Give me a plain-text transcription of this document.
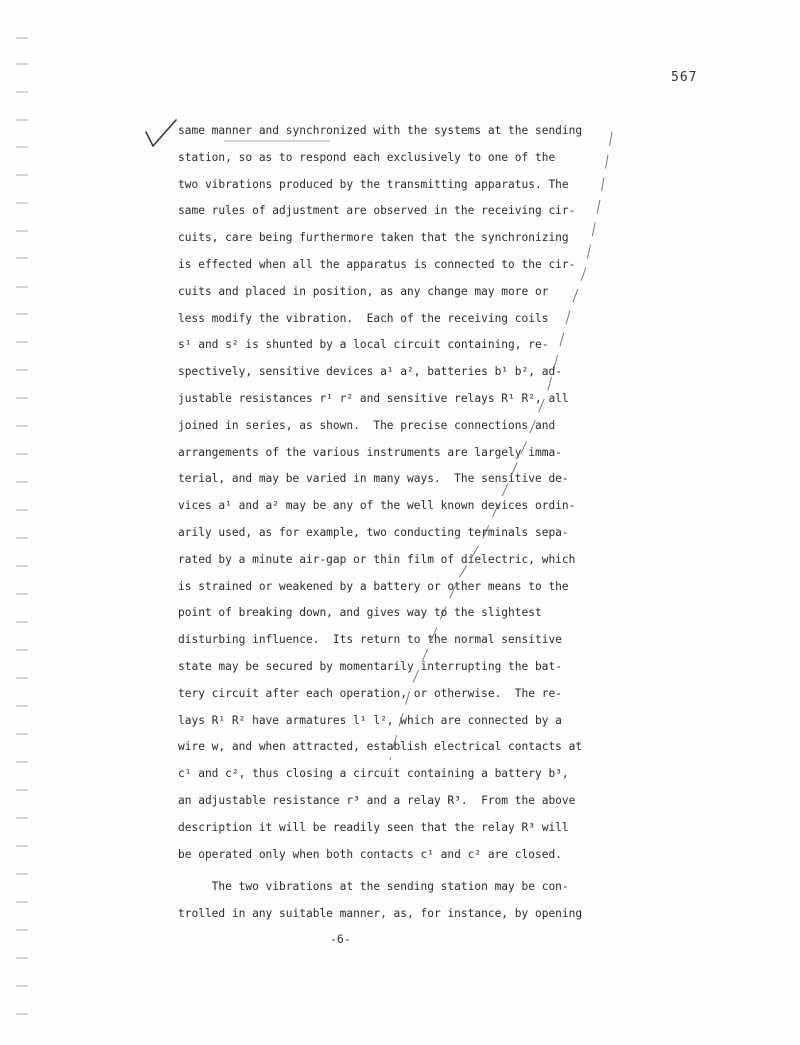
567
same manner and synchronized with the systems at the sending
station, so as to respond each exclusively to one of the
two vibrations produced by the transmitting apparatus. The
same rules of adjustment are observed in the receiving cir-
cuits, care being furthermore taken that the synchronizing
is effected when all the apparatus is connected to the cir-
cuits and placed in position, as any change may more or
less modify the vibration.  Each of the receiving coils
s¹ and s² is shunted by a local circuit containing, re-
spectively, sensitive devices a¹ a², batteries b¹ b², ad-
justable resistances r¹ r² and sensitive relays R¹ R², all
joined in series, as shown.  The precise connections and
arrangements of the various instruments are largely imma-
terial, and may be varied in many ways.  The sensitive de-
vices a¹ and a² may be any of the well known devices ordin-
arily used, as for example, two conducting terminals sepa-
rated by a minute air-gap or thin film of dielectric, which
is strained or weakened by a battery or other means to the
point of breaking down, and gives way to the slightest
disturbing influence.  Its return to the normal sensitive
state may be secured by momentarily interrupting the bat-
tery circuit after each operation, or otherwise.  The re-
lays R¹ R² have armatures l¹ l², which are connected by a
wire w, and when attracted, establish electrical contacts at
c¹ and c², thus closing a circuit containing a battery b³,
an adjustable resistance r³ and a relay R³.  From the above
description it will be readily seen that the relay R³ will
be operated only when both contacts c¹ and c² are closed.
The two vibrations at the sending station may be con-
trolled in any suitable manner, as, for instance, by opening
-6-
